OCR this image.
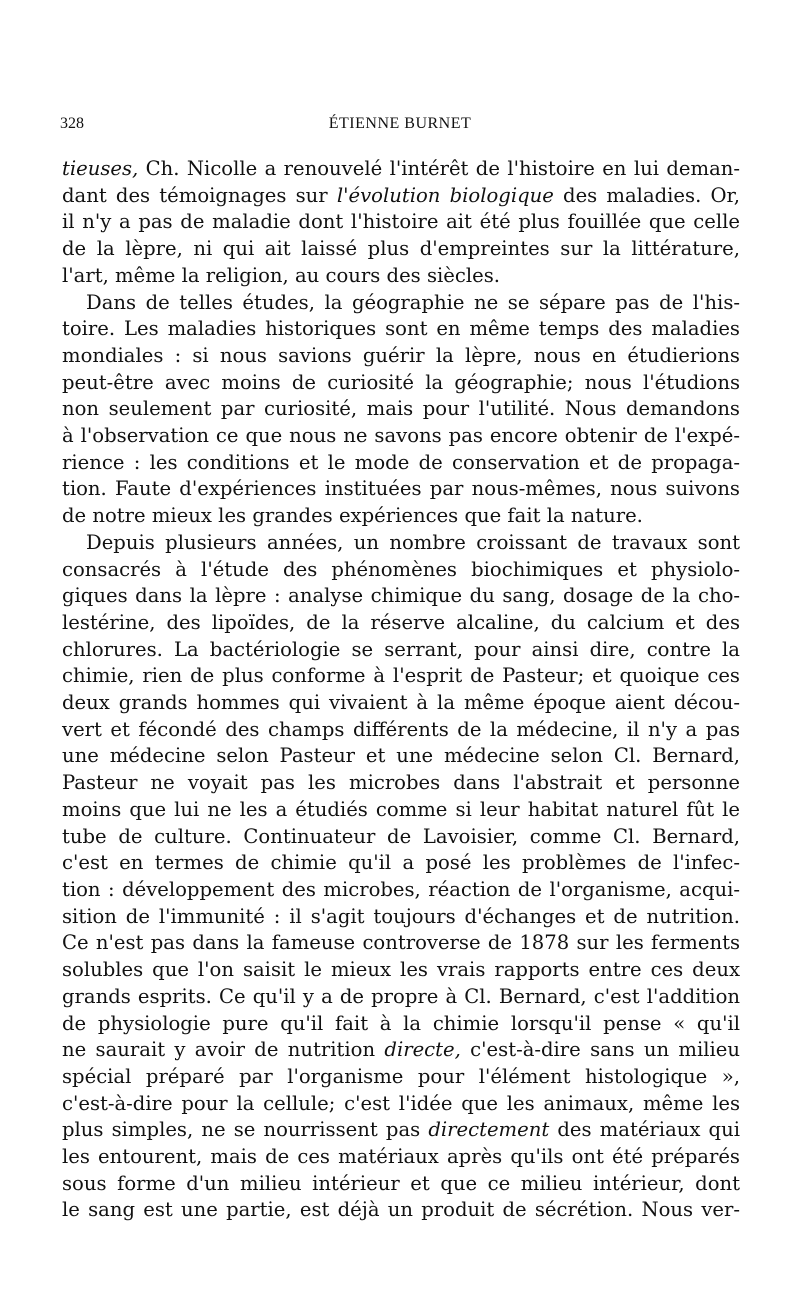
328	ÉTIENNE BURNET
tieuses, Ch. Nicolle a renouvelé l'intérêt de l'histoire en lui deman-
dant des témoignages sur l'évolution biologique des maladies. Or,
il n'y a pas de maladie dont l'histoire ait été plus fouillée que celle
de la lèpre, ni qui ait laissé plus d'empreintes sur la littérature,
l'art, même la religion, au cours des siècles.
Dans de telles études, la géographie ne se sépare pas de l'his-
toire. Les maladies historiques sont en même temps des maladies
mondiales : si nous savions guérir la lèpre, nous en étudierions
peut-être avec moins de curiosité la géographie; nous l'étudions
non seulement par curiosité, mais pour l'utilité. Nous demandons
à l'observation ce que nous ne savons pas encore obtenir de l'expé-
rience : les conditions et le mode de conservation et de propaga-
tion. Faute d'expériences instituées par nous-mêmes, nous suivons
de notre mieux les grandes expériences que fait la nature.
Depuis plusieurs années, un nombre croissant de travaux sont
consacrés à l'étude des phénomènes biochimiques et physiolo-
giques dans la lèpre : analyse chimique du sang, dosage de la cho-
lestérine, des lipoïdes, de la réserve alcaline, du calcium et des
chlorures. La bactériologie se serrant, pour ainsi dire, contre la
chimie, rien de plus conforme à l'esprit de Pasteur; et quoique ces
deux grands hommes qui vivaient à la même époque aient décou-
vert et fécondé des champs différents de la médecine, il n'y a pas
une médecine selon Pasteur et une médecine selon Cl. Bernard,
Pasteur ne voyait pas les microbes dans l'abstrait et personne
moins que lui ne les a étudiés comme si leur habitat naturel fût le
tube de culture. Continuateur de Lavoisier, comme Cl. Bernard,
c'est en termes de chimie qu'il a posé les problèmes de l'infec-
tion : développement des microbes, réaction de l'organisme, acqui-
sition de l'immunité : il s'agit toujours d'échanges et de nutrition.
Ce n'est pas dans la fameuse controverse de 1878 sur les ferments
solubles que l'on saisit le mieux les vrais rapports entre ces deux
grands esprits. Ce qu'il y a de propre à Cl. Bernard, c'est l'addition
de physiologie pure qu'il fait à la chimie lorsqu'il pense « qu'il
ne saurait y avoir de nutrition directe, c'est-à-dire sans un milieu
spécial préparé par l'organisme pour l'élément histologique »,
c'est-à-dire pour la cellule; c'est l'idée que les animaux, même les
plus simples, ne se nourrissent pas directement des matériaux qui
les entourent, mais de ces matériaux après qu'ils ont été préparés
sous forme d'un milieu intérieur et que ce milieu intérieur, dont
le sang est une partie, est déjà un produit de sécrétion. Nous ver-
